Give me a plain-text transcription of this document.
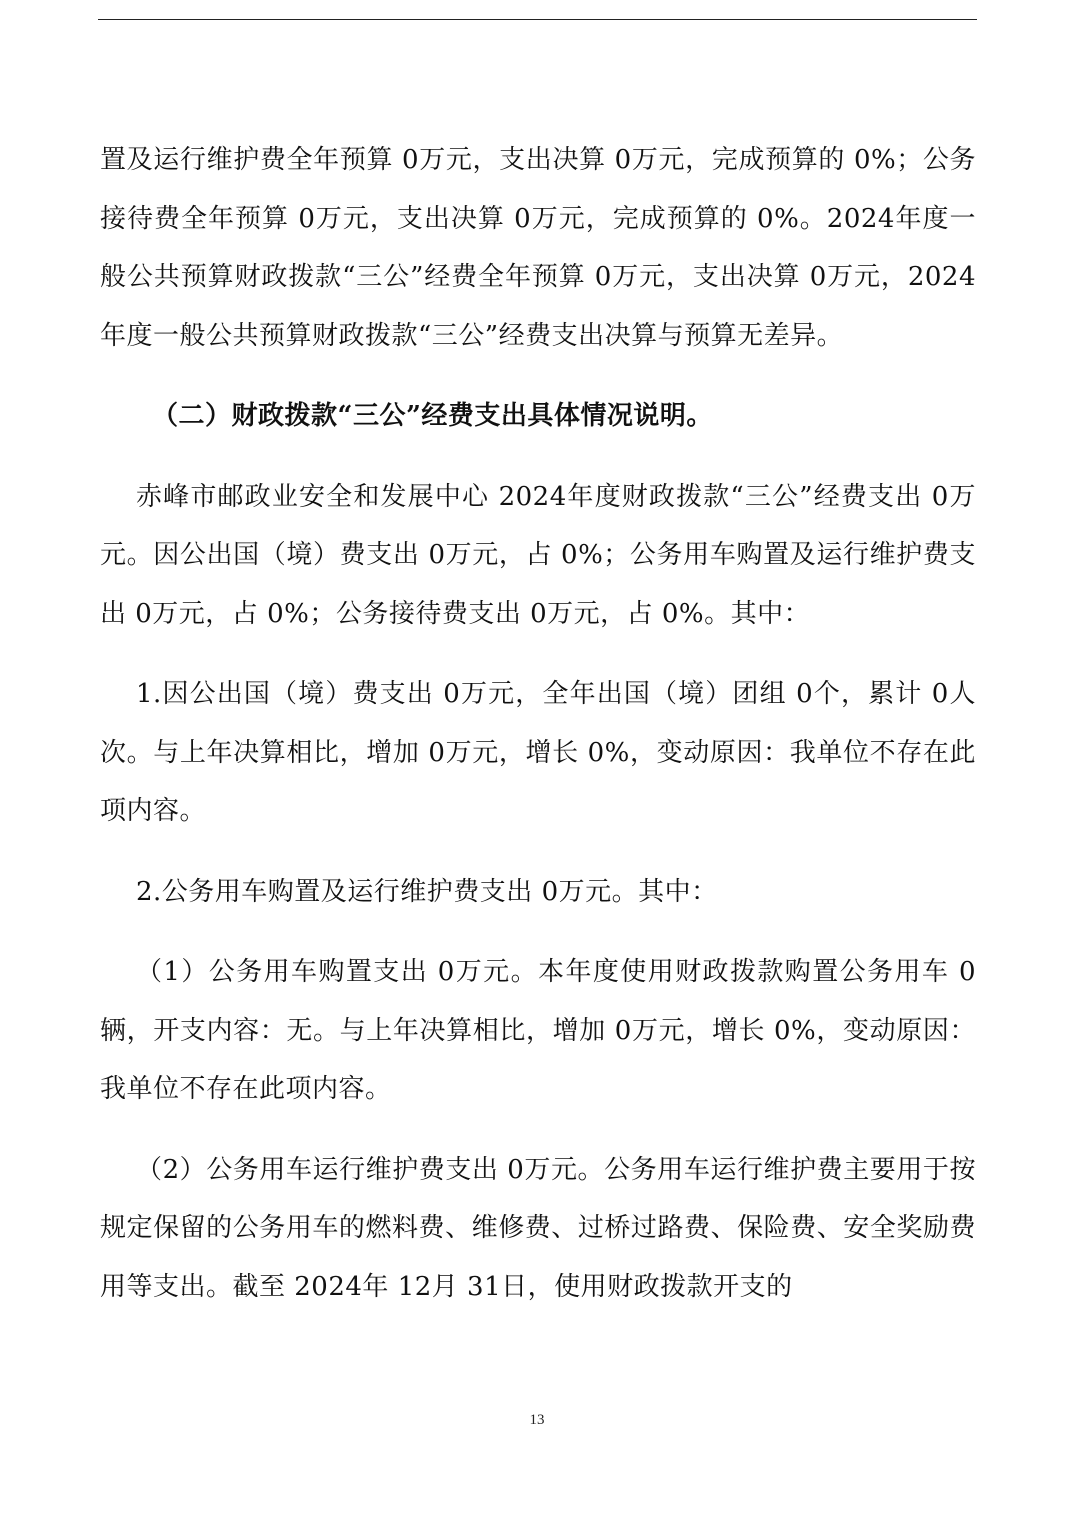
置及运行维护费全年预算 0万元，支出决算 0万元，完成预算的 0%；公务接待费全年预算 0万元，支出决算 0万元，完成预算的 0%。2024年度一般公共预算财政拨款“三公”经费全年预算 0万元，支出决算 0万元，2024年度一般公共预算财政拨款“三公”经费支出决算与预算无差异。

（二）财政拨款“三公”经费支出具体情况说明。

赤峰市邮政业安全和发展中心 2024年度财政拨款“三公”经费支出 0万元。因公出国（境）费支出 0万元，占 0%；公务用车购置及运行维护费支出 0万元，占 0%；公务接待费支出 0万元，占 0%。其中：

1.因公出国（境）费支出 0万元，全年出国（境）团组 0个，累计 0人次。与上年决算相比，增加 0万元，增长 0%，变动原因：我单位不存在此项内容。

2.公务用车购置及运行维护费支出 0万元。其中：

（1）公务用车购置支出 0万元。本年度使用财政拨款购置公务用车 0辆，开支内容：无。与上年决算相比，增加 0万元，增长 0%，变动原因：我单位不存在此项内容。

（2）公务用车运行维护费支出 0万元。公务用车运行维护费主要用于按规定保留的公务用车的燃料费、维修费、过桥过路费、保险费、安全奖励费用等支出。截至 2024年 12月 31日，使用财政拨款开支的

13
